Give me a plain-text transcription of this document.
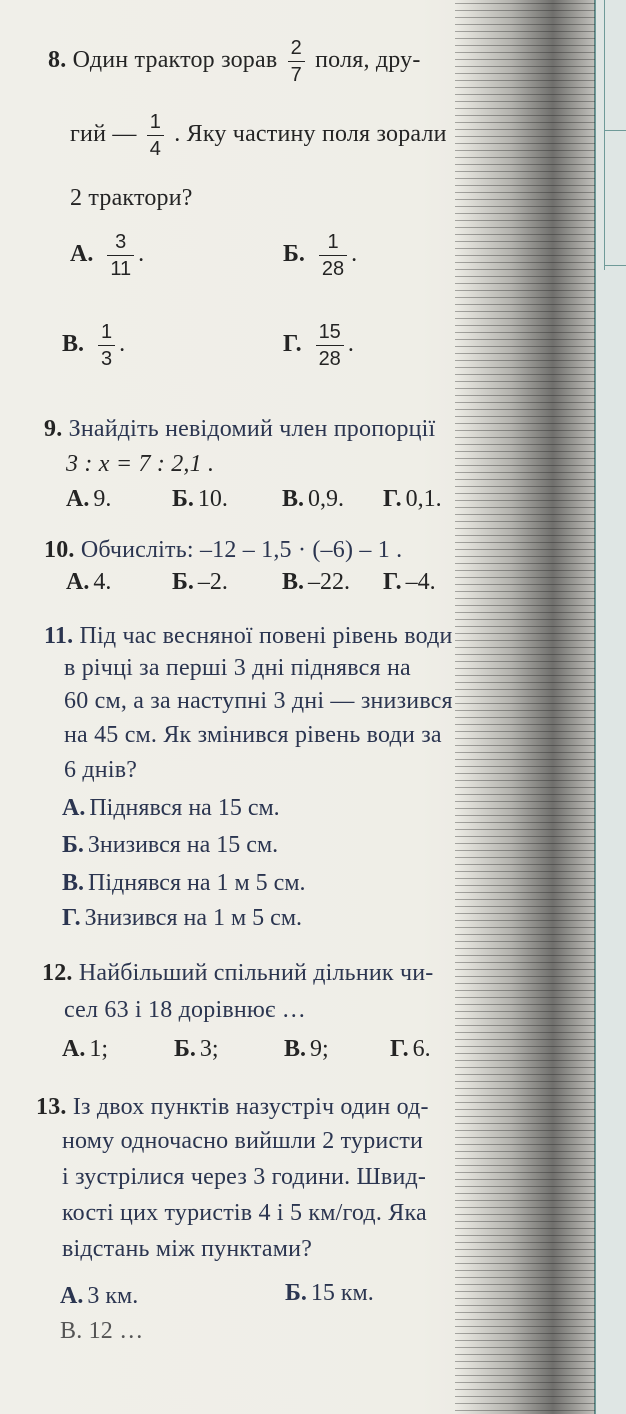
8. Один трактор зорав $\frac{2}{7}$ поля, дру-
гий — $\frac{1}{4}$ . Яку частину поля зорали
2 трактори?
А. $\frac{3}{11}$ .	Б. $\frac{1}{28}$ .
В. $\frac{1}{3}$ .	Г. $\frac{15}{28}$ .
9. Знайдіть невідомий член пропорції
3 : x = 7 : 2,1 .
А. 9.	Б. 10. В. 0,9. Г. 0,1.
10. Обчисліть: –12 – 1,5 · (–6) – 1 .
А. 4.	Б. –2. В. –22. Г. –4.
11. Під час весняної повені рівень води
в річці за перші 3 дні піднявся на
60 см, а за наступні 3 дні — знизився
на 45 см. Як змінився рівень води за
6 днів?
А. Піднявся на 15 см.
Б. Знизився на 15 см.
В. Піднявся на 1 м 5 см.
Г. Знизився на 1 м 5 см.
12. Найбільший спільний дільник чи-
сел 63 і 18 дорівнює …
А. 1;	Б. 3;	В. 9;	Г. 6.
13. Із двох пунктів назустріч один од-
ному одночасно вийшли 2 туристи
і зустрілися через 3 години. Швид-
кості цих туристів 4 і 5 км/год. Яка
відстань між пунктами?
А. 3 км.	Б. 15 км.
В. 12 …
